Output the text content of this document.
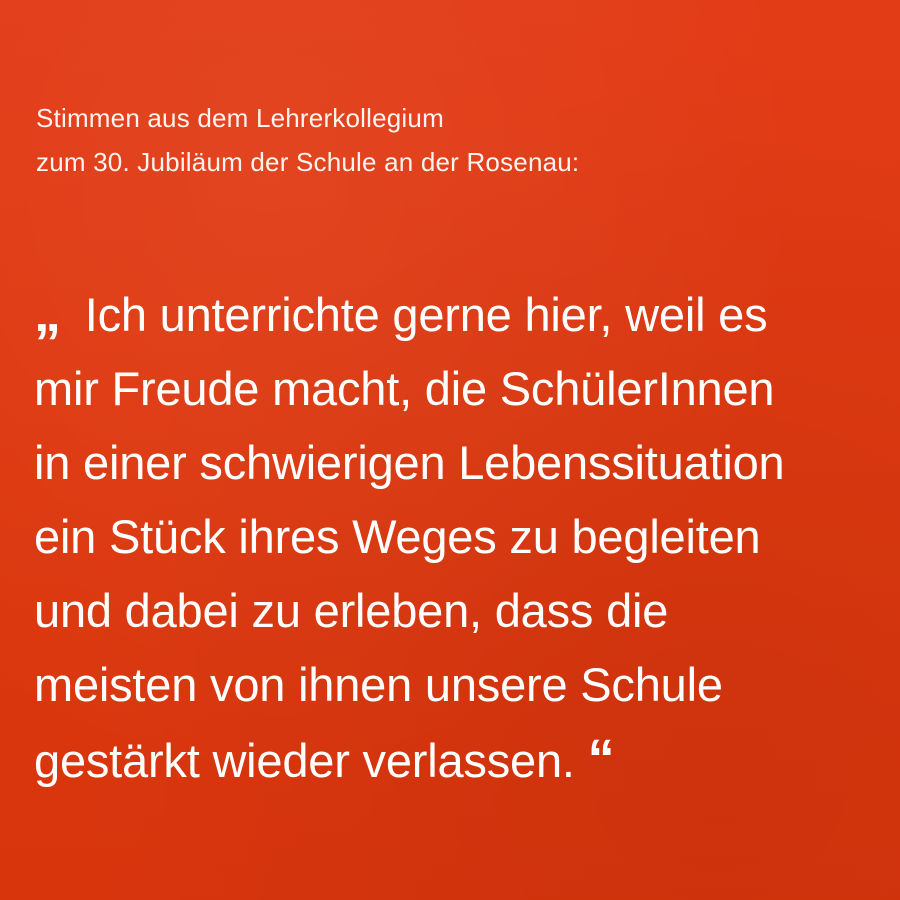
Stimmen aus dem Lehrerkollegium
zum 30. Jubiläum der Schule an der Rosenau:
„ Ich unterrichte gerne hier, weil es
mir Freude macht, die SchülerInnen
in einer schwierigen Lebenssituation
ein Stück ihres Weges zu begleiten
und dabei zu erleben, dass die
meisten von ihnen unsere Schule
gestärkt wieder verlassen. “
